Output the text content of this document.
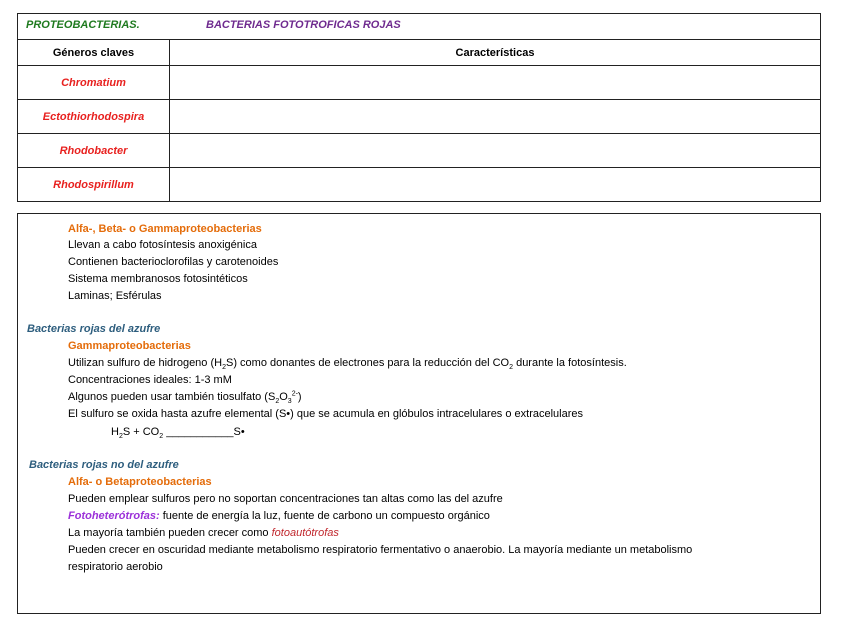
PROTEOBACTERIAS.	BACTERIAS FOTOTROFICAS ROJAS
Géneros claves	Características
Chromatium
Ectothiorhodospira
Rhodobacter
Rhodospirillum
Alfa-, Beta- o Gammaproteobacterias
Llevan a cabo fotosíntesis anoxigénica
Contienen bacterioclorofilas y carotenoides
Sistema membranosos fotosintéticos
Laminas; Esférulas
Bacterias rojas del azufre
Gammaproteobacterias
Utilizan sulfuro de hidrogeno $(H_2S)$ como donantes de electrones para la reducción del $CO_2$ durante la fotosíntesis.
Concentraciones ideales: 1-3 mM
Algunos pueden usar también tiosulfato $(S_2O_3^{2-})$
El sulfuro se oxida hasta azufre elemental (S•) que se acumula en glóbulos intracelulares o extracelulares
$H_2S + CO_2$ ___________S•
Bacterias rojas no del azufre
Alfa- o Betaproteobacterias
Pueden emplear sulfuros pero no soportan concentraciones tan altas como las del azufre
Fotoheterótrofas: fuente de energía la luz, fuente de carbono un compuesto orgánico
La mayoría también pueden crecer como fotoautótrofas
Pueden crecer en oscuridad mediante metabolismo respiratorio fermentativo o anaerobio. La mayoría mediante un metabolismo
respiratorio aerobio
